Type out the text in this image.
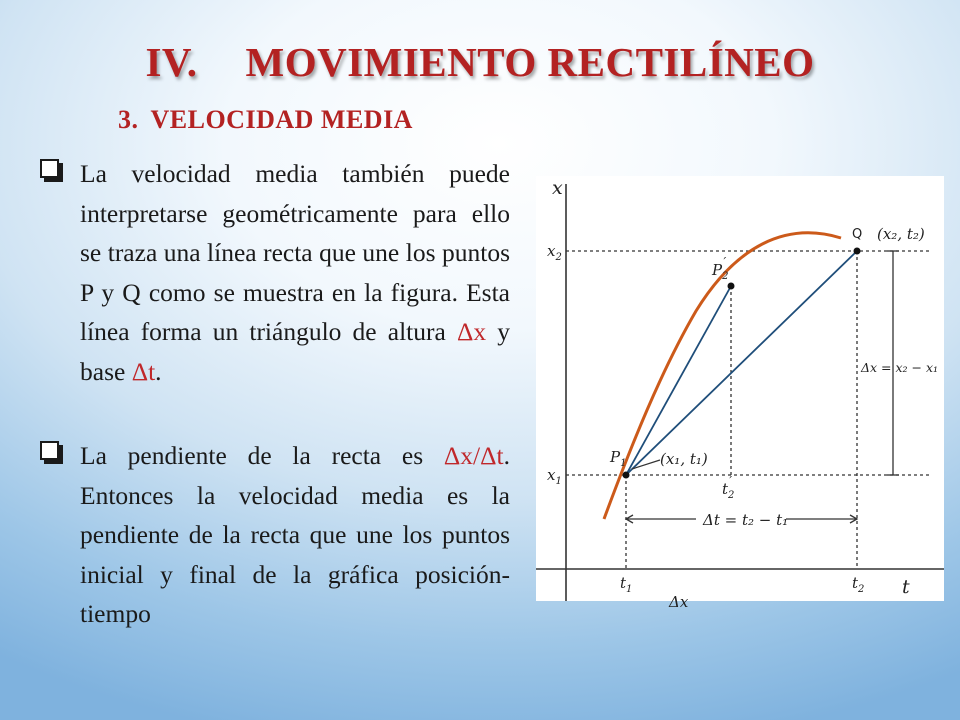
IV. MOVIMIENTO RECTILÍNEO
3. VELOCIDAD MEDIA
La velocidad media también puede interpretarse geométricamente para ello se traza una línea recta que une los puntos P y Q como se muestra en la figura. Esta línea forma un triángulo de altura Δx y base Δt.
La pendiente de la recta es Δx/Δt. Entonces la velocidad media es la pendiente de la recta que une los puntos inicial y final de la gráfica posición-tiempo
x
t
$x_2$
$x_1$
$t_1$	$t_2$
$t_2'$
$P_1$
$P_2'$
Q (x₂, t₂)
(x₁, t₁)
Δx = x₂ − x₁
Δt = t₂ − t₁
Δx
